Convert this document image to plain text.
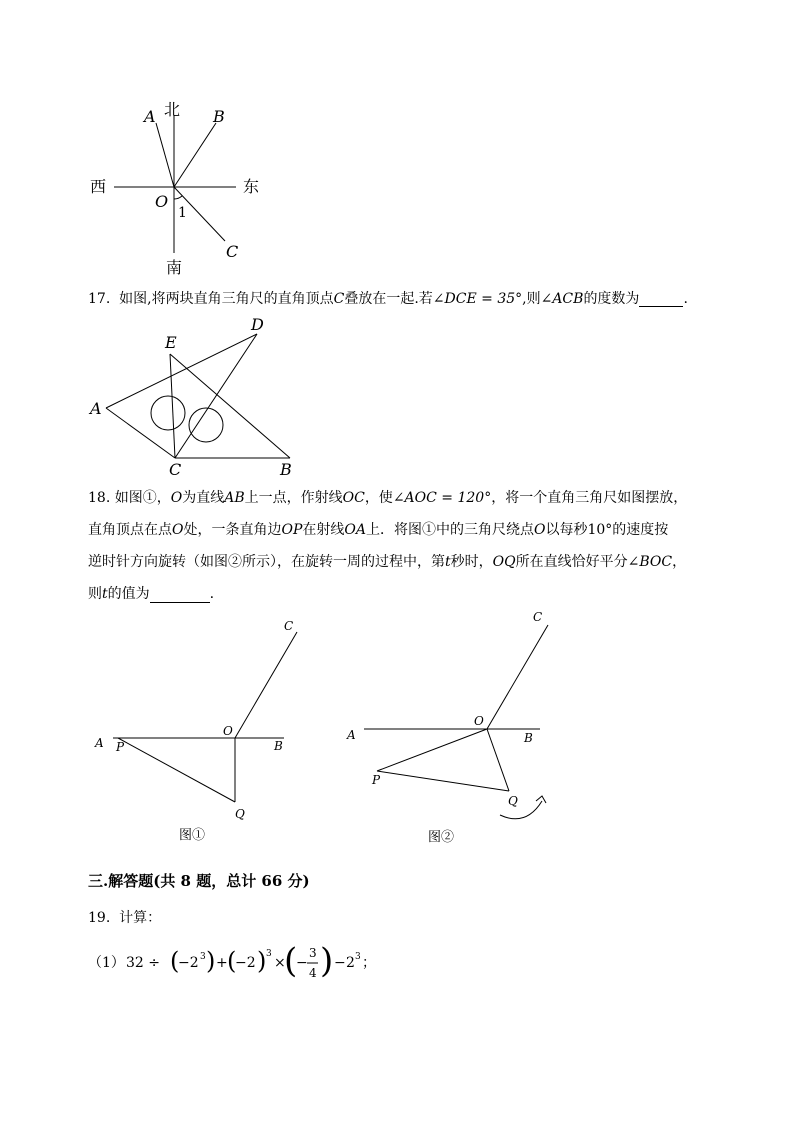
北
A	B
西	东
O
1
C
南
17. 如图,将两块直角三角尺的直角顶点C叠放在一起.若∠DCE = 35°,则∠ACB的度数为	.
E
D
A
C	B
18. 如图①，O为直线AB上一点，作射线OC，使∠AOC = 120°，将一个直角三角尺如图摆放，
直角顶点在点O处，一条直角边OP在射线OA上．将图①中的三角尺绕点O以每秒10°的速度按
逆时针方向旋转（如图②所示），在旋转一周的过程中，第t秒时，OQ所在直线恰好平分∠BOC，
则t的值为	.
C
O
A P	B
Q
图①
C
O
A	B
P
Q
图②
三.解答题(共 8 题，总计 66 分)
19. 计算：
（1） 32 ÷ (
−2 3 ) + (
−2 ) 3
×
(
−
3
4 ) − 2 3 ；
